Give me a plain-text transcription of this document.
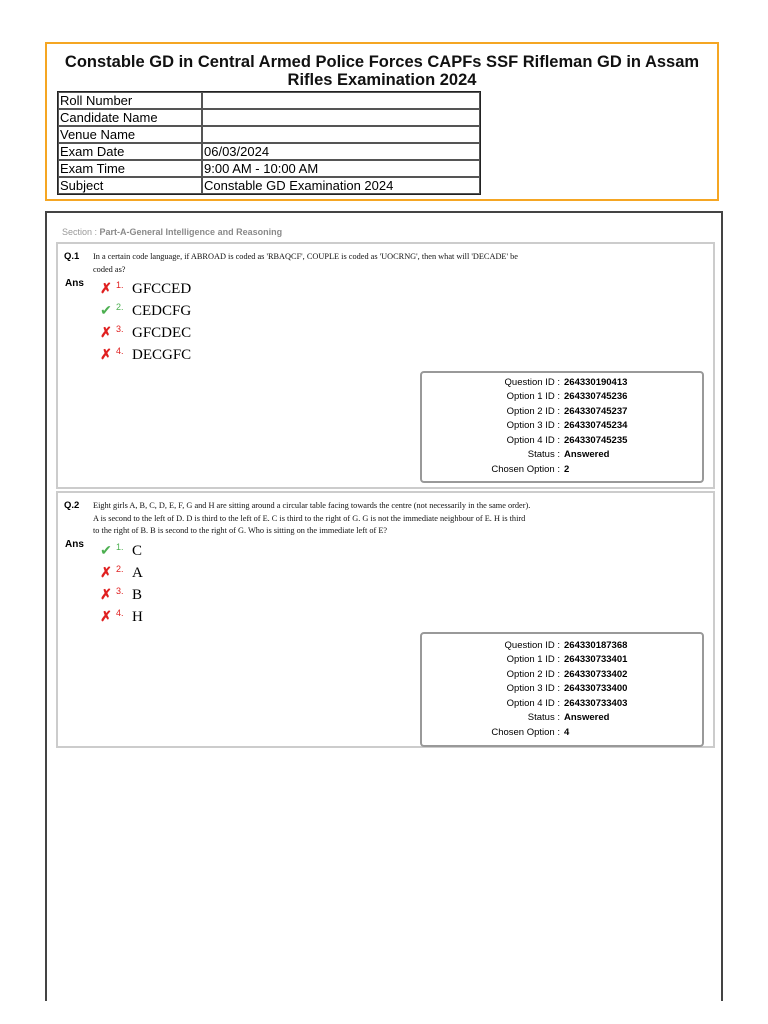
Constable GD in Central Armed Police Forces CAPFs SSF Rifleman GD in Assam
Rifles Examination 2024
Roll Number	
Candidate Name	
Venue Name	
Exam Date	06/03/2024
Exam Time	9:00 AM - 10:00 AM
Subject	Constable GD Examination 2024
Section : Part-A-General Intelligence and Reasoning
Q.1 In a certain code language, if ABROAD is coded as 'RBAQCF', COUPLE is coded as 'UOCRNG', then what will 'DECADE' be coded as?
Ans ✗ 1. GFCCED
✔ 2. CEDCFG
✗ 3. GFCDEC
✗ 4. DECGFC
Question ID : 264330190413
Option 1 ID : 264330745236
Option 2 ID : 264330745237
Option 3 ID : 264330745234
Option 4 ID : 264330745235
Status : Answered
Chosen Option : 2
Q.2 Eight girls A, B, C, D, E, F, G and H are sitting around a circular table facing towards the centre (not necessarily in the same order). A is second to the left of D. D is third to the left of E. C is third to the right of G. G is not the immediate neighbour of E. H is third to the right of B. B is second to the right of G. Who is sitting on the immediate left of E?
Ans ✔ 1. C
✗ 2. A
✗ 3. B
✗ 4. H
Question ID : 264330187368
Option 1 ID : 264330733401
Option 2 ID : 264330733402
Option 3 ID : 264330733400
Option 4 ID : 264330733403
Status : Answered
Chosen Option : 4
